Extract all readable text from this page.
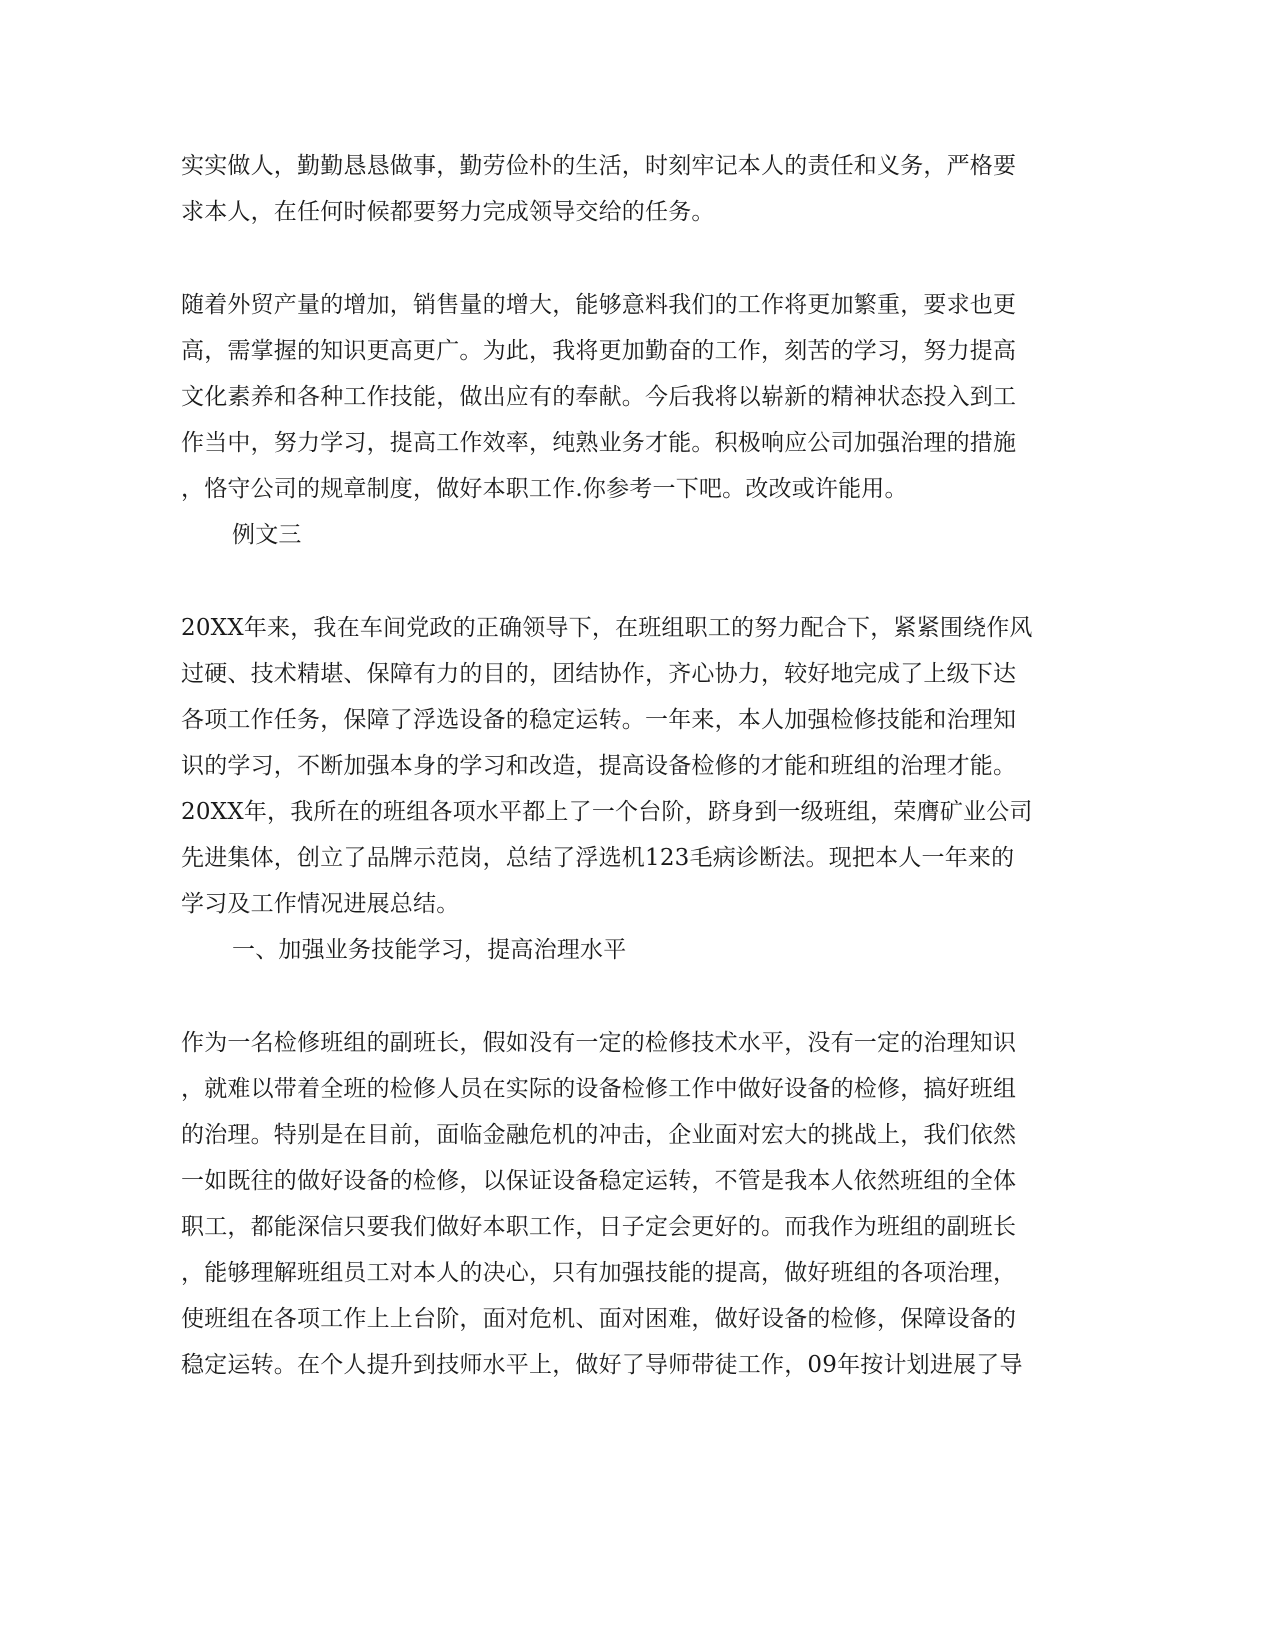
实实做人，勤勤恳恳做事，勤劳俭朴的生活，时刻牢记本人的责任和义务，严格要
求本人，在任何时候都要努力完成领导交给的任务。
随着外贸产量的增加，销售量的增大，能够意料我们的工作将更加繁重，要求也更
高，需掌握的知识更高更广。为此，我将更加勤奋的工作，刻苦的学习，努力提高
文化素养和各种工作技能，做出应有的奉献。今后我将以崭新的精神状态投入到工
作当中，努力学习，提高工作效率，纯熟业务才能。积极响应公司加强治理的措施
，恪守公司的规章制度，做好本职工作.你参考一下吧。改改或许能用。
例文三
20XX年来，我在车间党政的正确领导下，在班组职工的努力配合下，紧紧围绕作风
过硬、技术精堪、保障有力的目的，团结协作，齐心协力，较好地完成了上级下达
各项工作任务，保障了浮选设备的稳定运转。一年来，本人加强检修技能和治理知
识的学习，不断加强本身的学习和改造，提高设备检修的才能和班组的治理才能。
20XX年，我所在的班组各项水平都上了一个台阶，跻身到一级班组，荣膺矿业公司
先进集体，创立了品牌示范岗，总结了浮选机123毛病诊断法。现把本人一年来的
学习及工作情况进展总结。
一、加强业务技能学习，提高治理水平
作为一名检修班组的副班长，假如没有一定的检修技术水平，没有一定的治理知识
，就难以带着全班的检修人员在实际的设备检修工作中做好设备的检修，搞好班组
的治理。特别是在目前，面临金融危机的冲击，企业面对宏大的挑战上，我们依然
一如既往的做好设备的检修，以保证设备稳定运转，不管是我本人依然班组的全体
职工，都能深信只要我们做好本职工作，日子定会更好的。而我作为班组的副班长
，能够理解班组员工对本人的决心，只有加强技能的提高，做好班组的各项治理，
使班组在各项工作上上台阶，面对危机、面对困难，做好设备的检修，保障设备的
稳定运转。在个人提升到技师水平上，做好了导师带徒工作，09年按计划进展了导
